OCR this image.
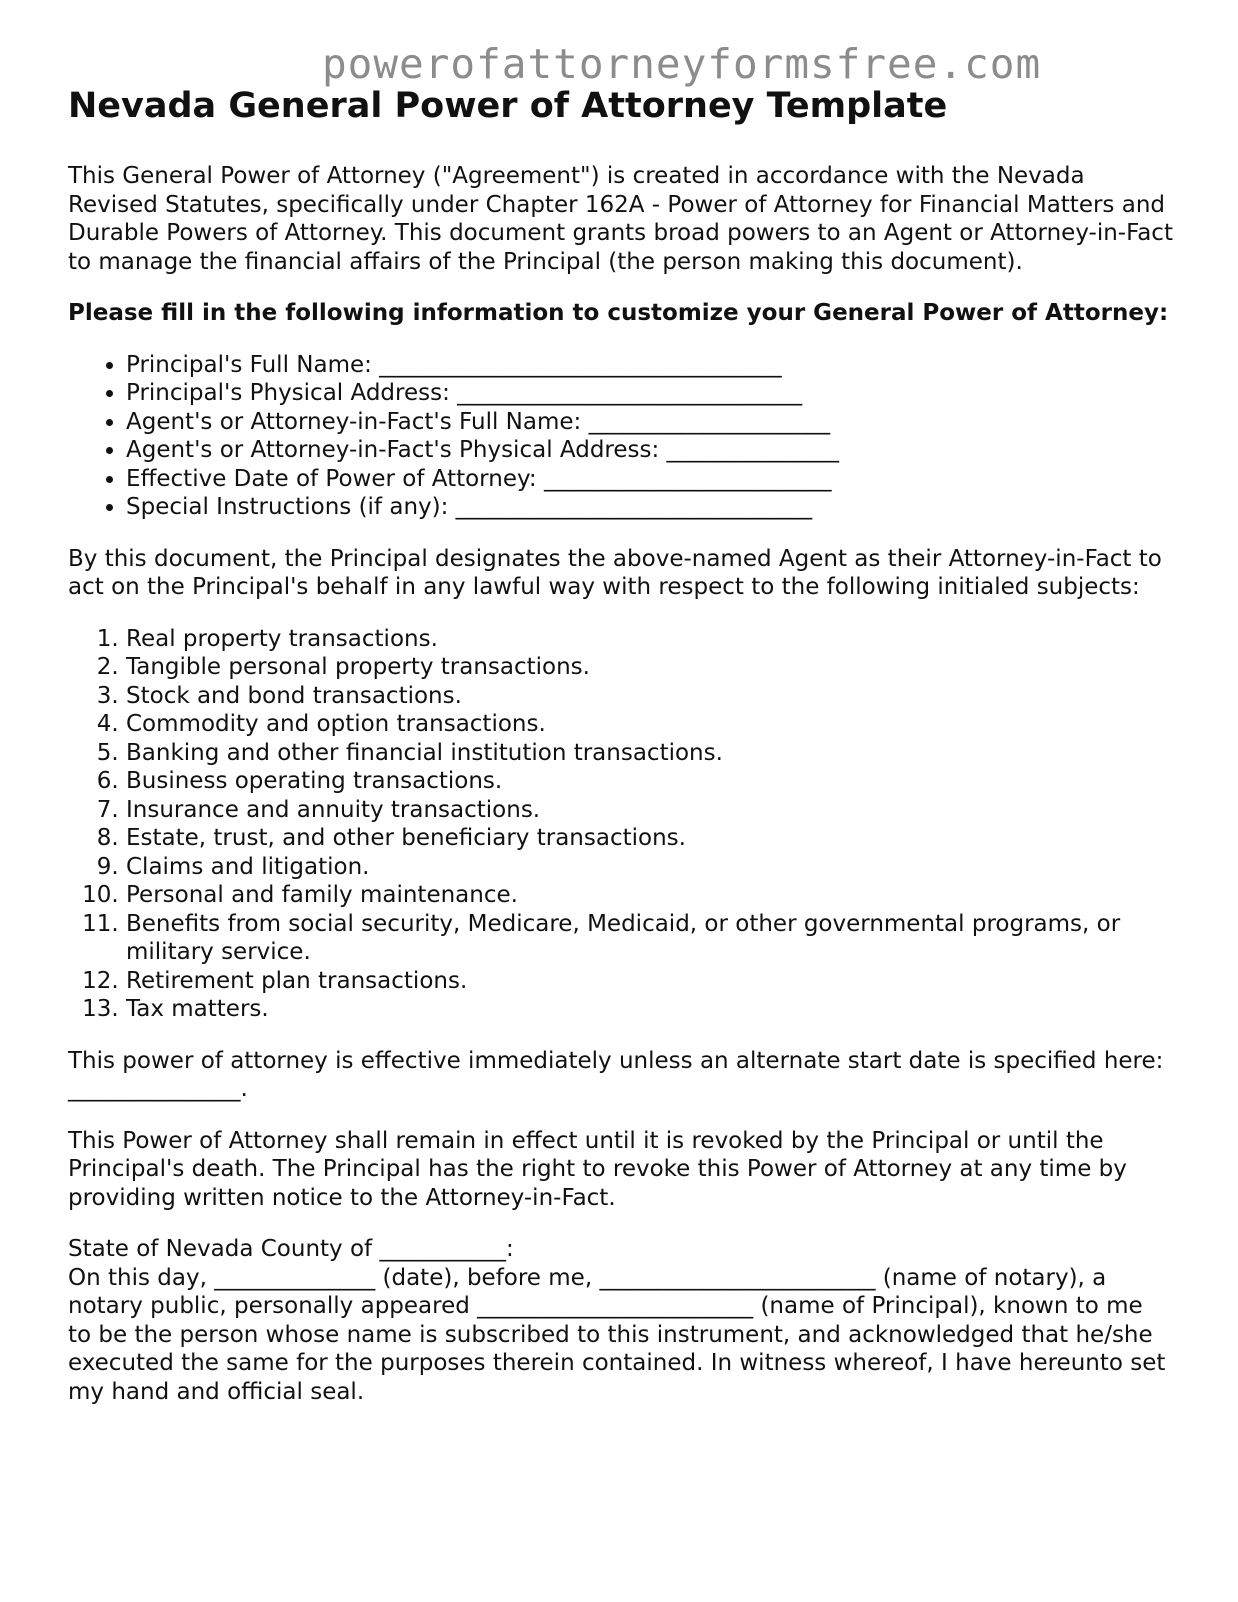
powerofattorneyformsfree.com
Nevada General Power of Attorney Template

This General Power of Attorney ("Agreement") is created in accordance with the Nevada Revised Statutes, specifically under Chapter 162A - Power of Attorney for Financial Matters and Durable Powers of Attorney. This document grants broad powers to an Agent or Attorney-in-Fact to manage the financial affairs of the Principal (the person making this document).

Please fill in the following information to customize your General Power of Attorney:

• Principal's Full Name: ___________________________________
• Principal's Physical Address: ______________________________
• Agent's or Attorney-in-Fact's Full Name: _____________________
• Agent's or Attorney-in-Fact's Physical Address: _______________
• Effective Date of Power of Attorney: _________________________
• Special Instructions (if any): _______________________________

By this document, the Principal designates the above-named Agent as their Attorney-in-Fact to act on the Principal's behalf in any lawful way with respect to the following initialed subjects:

1. Real property transactions.
2. Tangible personal property transactions.
3. Stock and bond transactions.
4. Commodity and option transactions.
5. Banking and other financial institution transactions.
6. Business operating transactions.
7. Insurance and annuity transactions.
8. Estate, trust, and other beneficiary transactions.
9. Claims and litigation.
10. Personal and family maintenance.
11. Benefits from social security, Medicare, Medicaid, or other governmental programs, or military service.
12. Retirement plan transactions.
13. Tax matters.

This power of attorney is effective immediately unless an alternate start date is specified here: _______________.

This Power of Attorney shall remain in effect until it is revoked by the Principal or until the Principal's death. The Principal has the right to revoke this Power of Attorney at any time by providing written notice to the Attorney-in-Fact.

State of Nevada County of ___________:

On this day, ______________ (date), before me, ________________________ (name of notary), a notary public, personally appeared ________________________ (name of Principal), known to me to be the person whose name is subscribed to this instrument, and acknowledged that he/she executed the same for the purposes therein contained. In witness whereof, I have hereunto set my hand and official seal.
